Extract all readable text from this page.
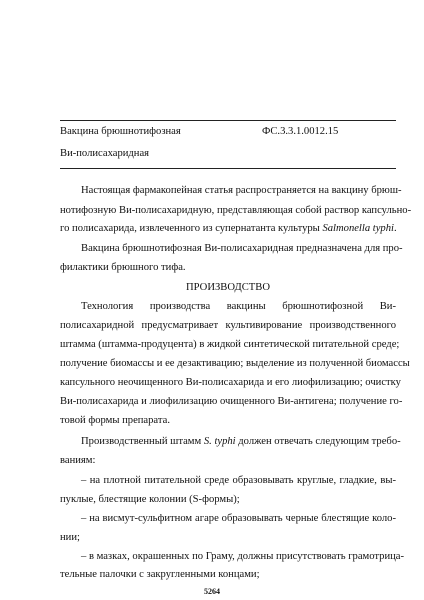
Вакцина брюшнотифозная	ФС.3.3.1.0012.15
Ви-полисахаридная
Настоящая фармакопейная статья распространяется на вакцину брюш-
нотифозную Ви-полисахаридную, представляющая собой раствор капсульно-
го полисахарида, извлеченного из супернатанта культуры Salmonella typhi.
Вакцина брюшнотифозная Ви-полисахаридная предназначена для про-
филактики брюшного тифа.
ПРОИЗВОДСТВО
Технология производства вакцины брюшнотифозной Ви-
полисахаридной предусматривает культивирование производственного
штамма (штамма-продуцента) в жидкой синтетической питательной среде;
получение биомассы и ее дезактивацию; выделение из полученной биомассы
капсульного неочищенного Ви-полисахарида и его лиофилизацию; очистку
Ви-полисахарида и лиофилизацию очищенного Ви-антигена; получение го-
товой формы препарата.
Производственный штамм S. typhi должен отвечать следующим требо-
ваниям:
– на плотной питательной среде образовывать круглые, гладкие, вы-
пуклые, блестящие колонии (S-формы);
– на висмут-сульфитном агаре образовывать черные блестящие коло-
нии;
– в мазках, окрашенных по Граму, должны присутствовать грамотрица-
тельные палочки с закругленными концами;
5264
